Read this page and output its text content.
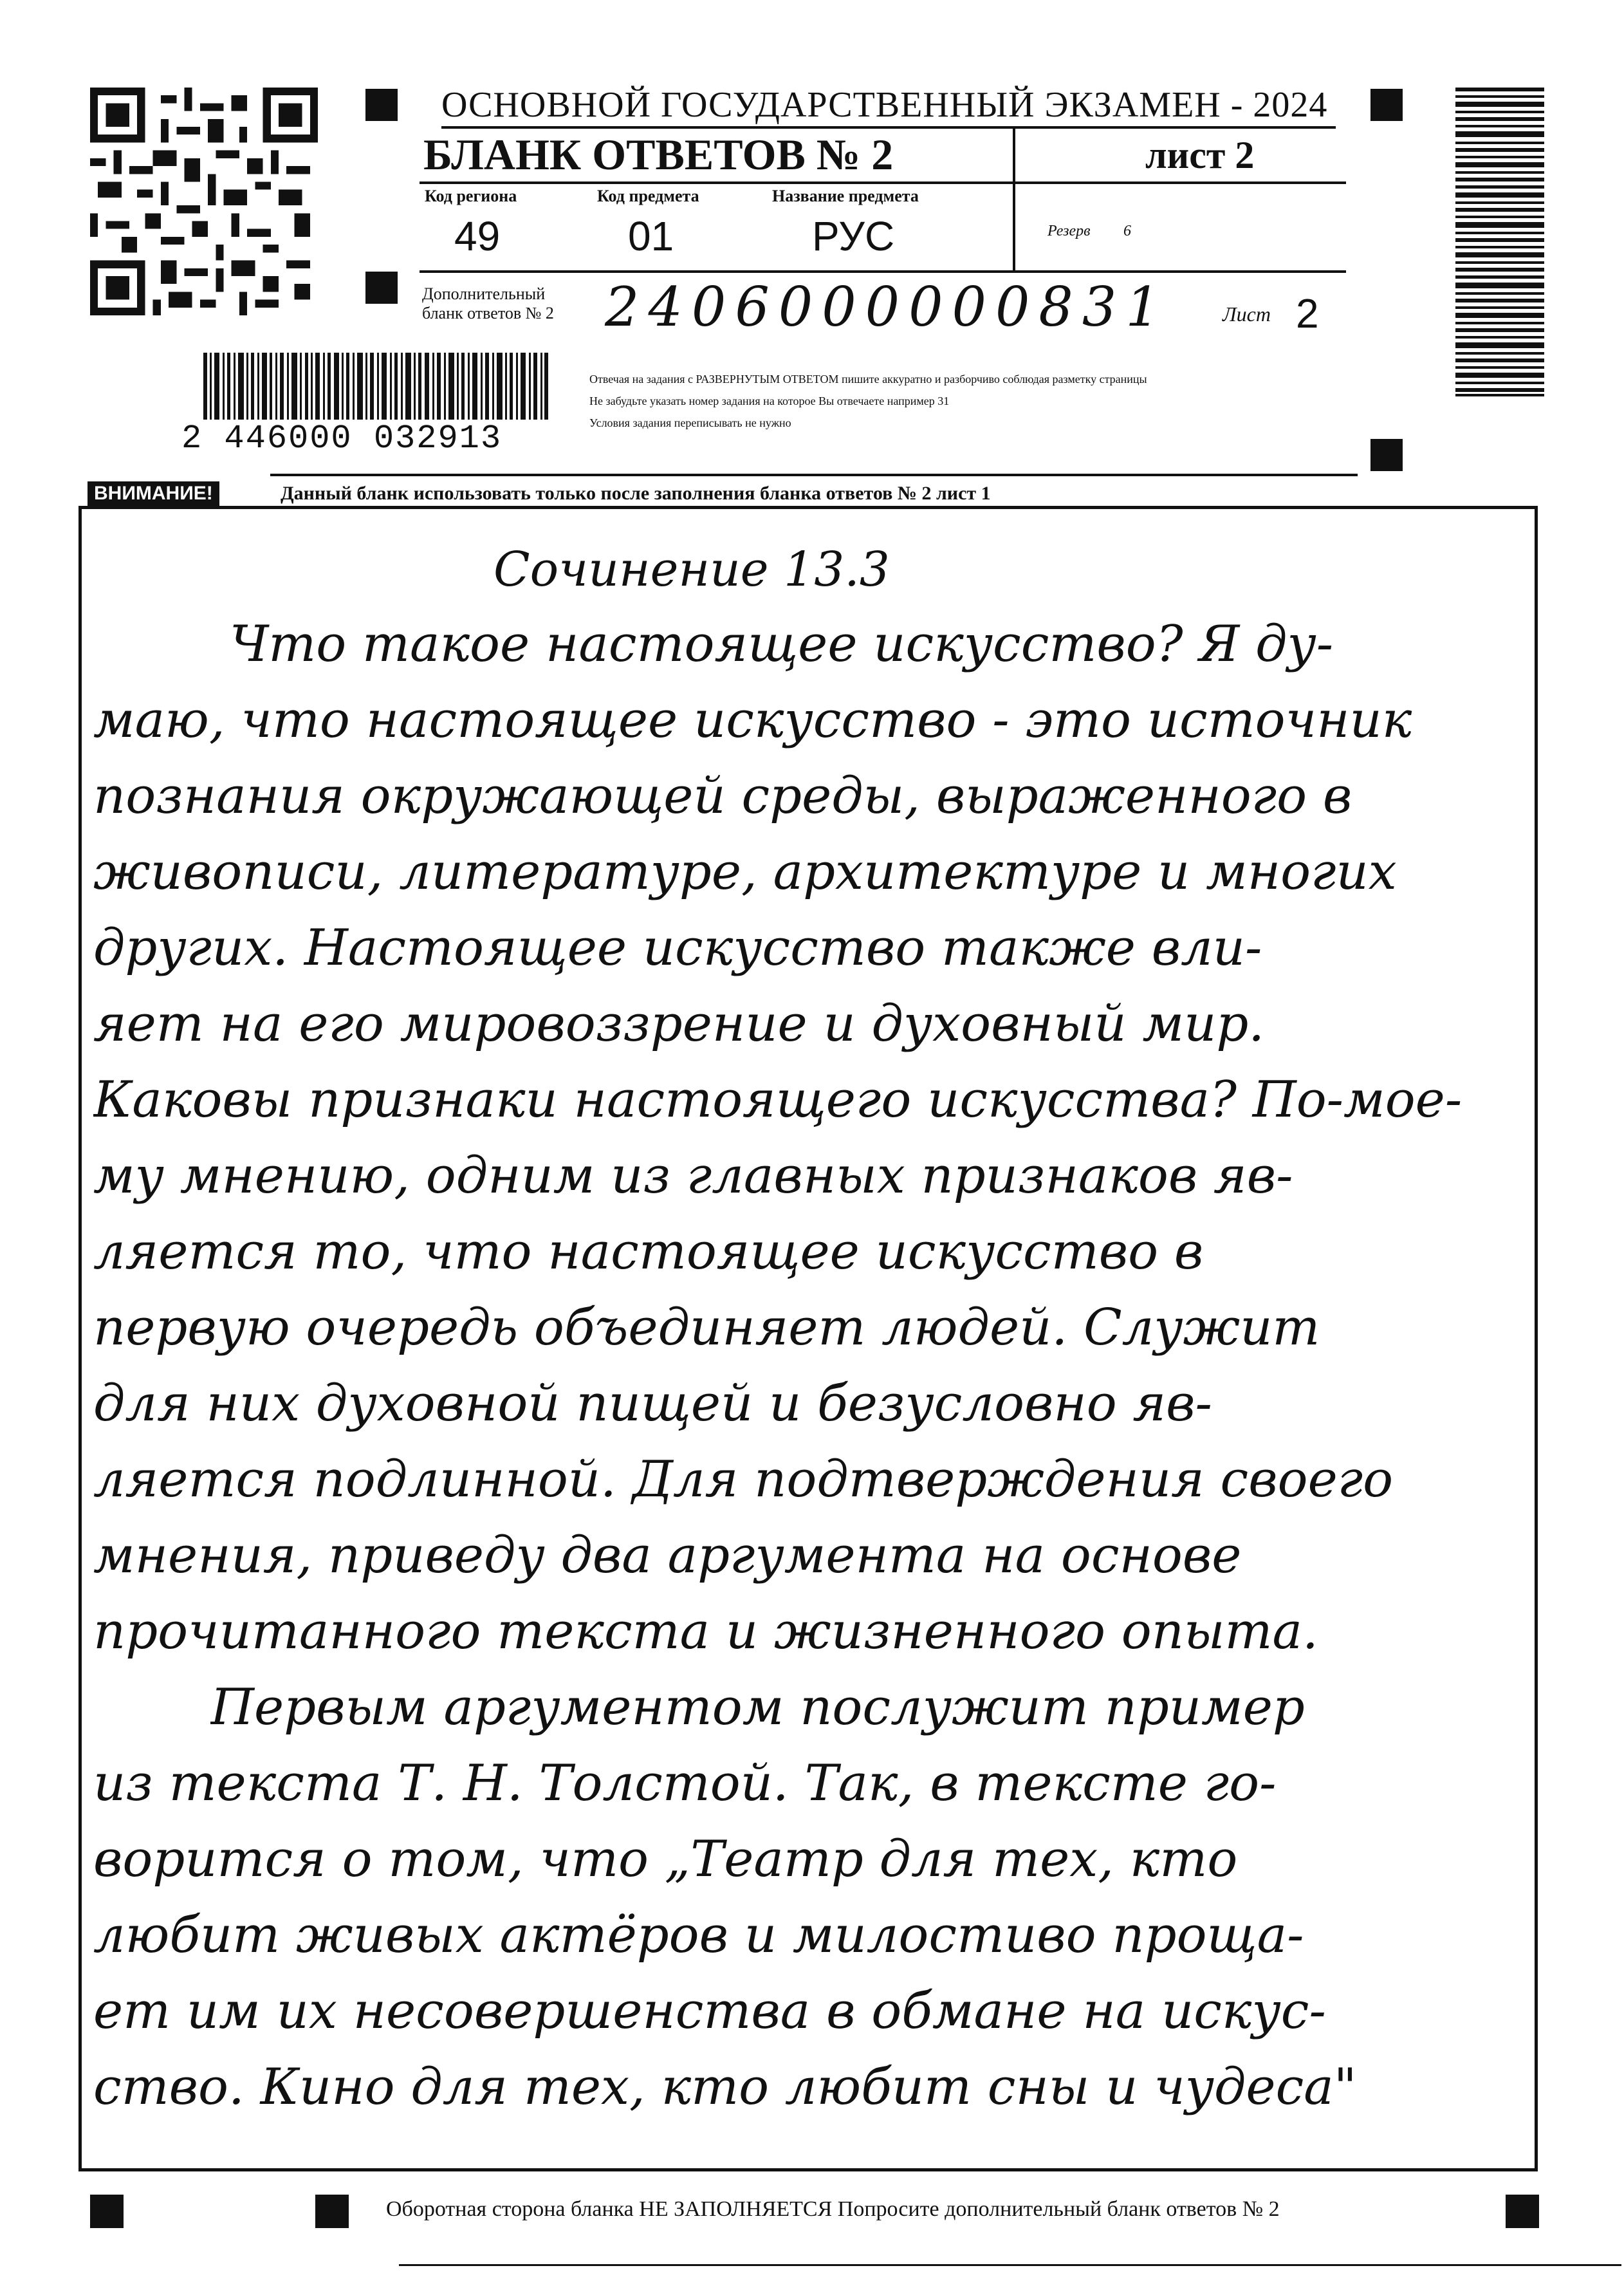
ОСНОВНОЙ ГОСУДАРСТВЕННЫЙ ЭКЗАМЕН - 2024
БЛАНК ОТВЕТОВ № 2	лист 2
Код региона	Код предмета	Название предмета
49	01	РУС	Резерв 6
Дополнительный
бланк ответов № 2 2406000000831	Лист 2
2 446000 032913
Отвечая на задания с РАЗВЕРНУТЫМ ОТВЕТОМ пишите аккуратно и разборчиво соблюдая разметку страницы
Не забудьте указать номер задания на которое Вы отвечаете например 31
Условия задания переписывать не нужно
ВНИМАНИЕ!	Данный бланк использовать только после заполнения бланка ответов № 2 лист 1
Сочинение 13.3
Что такое настоящее искусство? Я ду-
маю, что настоящее искусство - это источник
познания окружающей среды, выраженного в
живописи, литературе, архитектуре и многих
других. Настоящее искусство также вли-
яет на его мировоззрение и духовный мир.
Каковы признаки настоящего искусства? По-моe-
му мнению, одним из главных признаков яв-
ляется то, что настоящее искусство в
первую очередь объединяет людей. Служит
для них духовной пищей и безусловно яв-
ляется подлинной. Для подтверждения своего
мнения, приведу два аргумента на основе
прочитанного текста и жизненного опыта.
Первым аргументом послужит пример
из текста Т. Н. Толстой. Так, в тексте го-
ворится о том, что „Театр для тех, кто
любит живых актёров и милостиво проща-
ет им их несовершенства в обмане на искус-
ство. Кино для тех, кто любит сны и чудеса"
Оборотная сторона бланка НЕ ЗАПОЛНЯЕТСЯ Попросите дополнительный бланк ответов № 2
